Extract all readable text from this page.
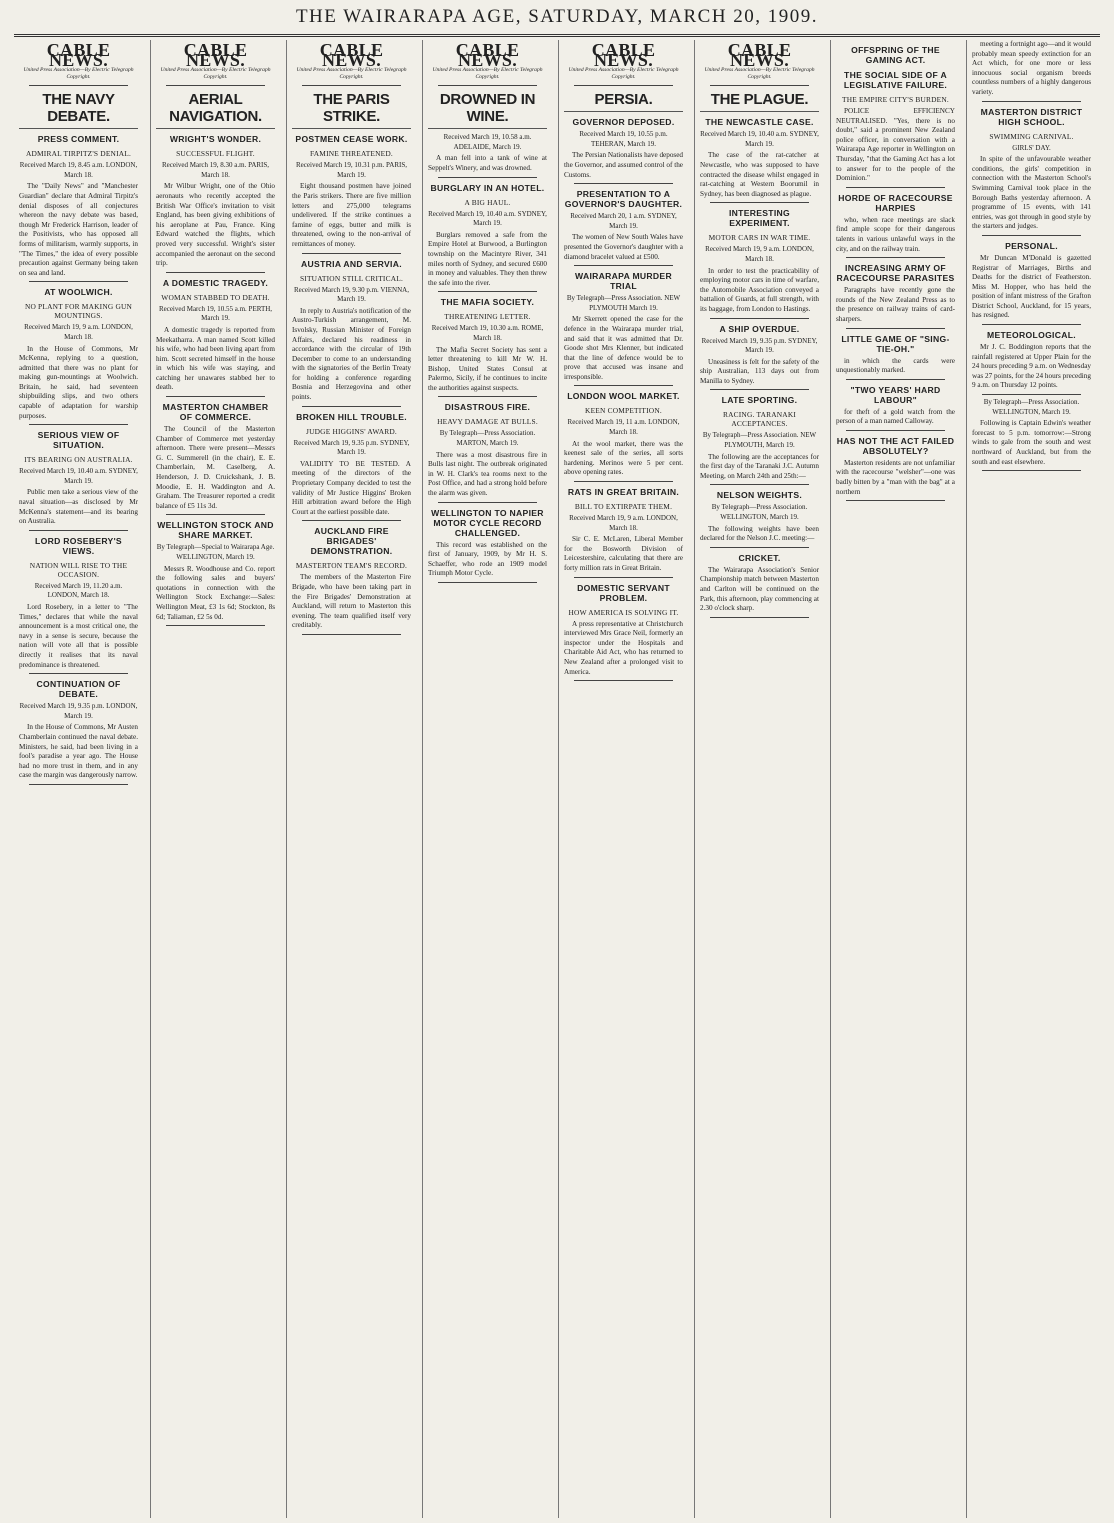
THE WAIRARAPA AGE, SATURDAY, MARCH 20, 1909.
CABLE NEWS.
United Press Association—By Electric Telegraph Copyright.
THE NAVY DEBATE.
PRESS COMMENT.
ADMIRAL TIRPITZ'S DENIAL.
Received March 19, 8.45 a.m. LONDON, March 18.

The "Daily News" and "Manchester Guardian" declare that Admiral Tirpitz's denial disposes of all conjectures whereon the navy debate was based, though Mr Frederick Harrison, leader of the Positivists, who has opposed all forms of militarism, warmly supports, in "The Times," the idea of every possible precaution against Germany being taken on sea and land.

AT WOOLWICH.
NO PLANT FOR MAKING GUN MOUNTINGS.
Received March 19, 9 a.m. LONDON, March 18.

In the House of Commons, Mr McKenna, replying to a question, admitted that there was no plant for making gun-mountings at Woolwich. Britain, he said, had seventeen shipbuilding slips, and two others capable of adaptation for warship purposes.

SERIOUS VIEW OF SITUATION.
ITS BEARING ON AUSTRALIA.
Received March 19, 10.40 a.m. SYDNEY, March 19.

Public men take a serious view of the naval situation—as disclosed by Mr McKenna's statement—and its bearing on Australia.

LORD ROSEBERY'S VIEWS.
NATION WILL RISE TO THE OCCASION.
Received March 19, 11.20 a.m. LONDON, March 18.

Lord Rosebery, in a letter to "The Times," declares that while the naval announcement is a most critical one, the navy in a sense is secure, because the nation will vote all that is possible directly it realises that its naval predominance is threatened.

CONTINUATION OF DEBATE.
Received March 19, 9.35 p.m. LONDON, March 19.

In the House of Commons, Mr Austen Chamberlain continued the naval debate. Ministers, he said, had been living in a fool's paradise a year ago. The House had no more trust in them, and in any case the margin was dangerously narrow.

CABLE NEWS.
United Press Association—By Electric Telegraph Copyright.
AERIAL NAVIGATION.
WRIGHT'S WONDER.
SUCCESSFUL FLIGHT.
Received March 19, 8.30 a.m. PARIS, March 18.

Mr Wilbur Wright, one of the Ohio aeronauts who recently accepted the British War Office's invitation to visit England, has been giving exhibitions of his aeroplane at Pau, France. King Edward watched the flights, which proved very successful. Wright's sister accompanied the aeronaut on the second trip.

A DOMESTIC TRAGEDY.
WOMAN STABBED TO DEATH.
Received March 19, 10.55 a.m. PERTH, March 19.

A domestic tragedy is reported from Meekatharra. A man named Scott killed his wife, who had been living apart from him. Scott secreted himself in the house in which his wife was staying, and catching her unawares stabbed her to death.

MASTERTON CHAMBER OF COMMERCE.

The Council of the Masterton Chamber of Commerce met yesterday afternoon. There were present—Messrs G. C. Summerell (in the chair), E. E. Chamberlain, M. Caselberg, A. Henderson, J. D. Cruickshank, J. B. Moodie, E. H. Waddington and A. Graham. The Treasurer reported a credit balance of £5 11s 3d.

WELLINGTON STOCK AND SHARE MARKET.
By Telegraph—Special to Wairarapa Age. WELLINGTON, March 19.

Messrs R. Woodhouse and Co. report the following sales and buyers' quotations in connection with the Wellington Stock Exchange:—Sales: Wellington Meat, £3 1s 6d; Stockton, 8s 6d; Taliaman, £2 5s 0d.

CABLE NEWS.
United Press Association—By Electric Telegraph Copyright.
THE PARIS STRIKE.
POSTMEN CEASE WORK.
FAMINE THREATENED.
Received March 19, 10.31 p.m. PARIS, March 19.

Eight thousand postmen have joined the Paris strikers. There are five million letters and 275,000 telegrams undelivered. If the strike continues a famine of eggs, butter and milk is threatened, owing to the non-arrival of remittances of money.

AUSTRIA AND SERVIA.
SITUATION STILL CRITICAL.
Received March 19, 9.30 p.m. VIENNA, March 19.

In reply to Austria's notification of the Austro-Turkish arrangement, M. Isvolsky, Russian Minister of Foreign Affairs, declared his readiness in accordance with the circular of 19th December to come to an understanding with the signatories of the Berlin Treaty for holding a conference regarding Bosnia and Herzegovina and other points.

BROKEN HILL TROUBLE.
JUDGE HIGGINS' AWARD.
Received March 19, 9.35 p.m. SYDNEY, March 19.

VALIDITY TO BE TESTED. A meeting of the directors of the Proprietary Company decided to test the validity of Mr Justice Higgins' Broken Hill arbitration award before the High Court at the earliest possible date.

AUCKLAND FIRE BRIGADES' DEMONSTRATION.
MASTERTON TEAM'S RECORD.

The members of the Masterton Fire Brigade, who have been taking part in the Fire Brigades' Demonstration at Auckland, will return to Masterton this evening. The team qualified itself very creditably.

CABLE NEWS.
United Press Association—By Electric Telegraph Copyright.
DROWNED IN WINE.
Received March 19, 10.58 a.m. ADELAIDE, March 19.

A man fell into a tank of wine at Seppelt's Winery, and was drowned.

BURGLARY IN AN HOTEL.
A BIG HAUL.
Received March 19, 10.40 a.m. SYDNEY, March 19.

Burglars removed a safe from the Empire Hotel at Burwood, a Burlington township on the Macintyre River, 341 miles north of Sydney, and secured £600 in money and valuables. They then threw the safe into the river.

THE MAFIA SOCIETY.
THREATENING LETTER.
Received March 19, 10.30 a.m. ROME, March 18.

The Mafia Secret Society has sent a letter threatening to kill Mr W. H. Bishop, United States Consul at Palermo, Sicily, if he continues to incite the authorities against suspects.

DISASTROUS FIRE.
HEAVY DAMAGE AT BULLS.
By Telegraph—Press Association. MARTON, March 19.

There was a most disastrous fire in Bulls last night. The outbreak originated in W. H. Clark's tea rooms next to the Post Office, and had a strong hold before the alarm was given.

WELLINGTON TO NAPIER MOTOR CYCLE RECORD CHALLENGED.

This record was established on the first of January, 1909, by Mr H. S. Schaeffer, who rode an 1909 model Triumph Motor Cycle.

CABLE NEWS.
United Press Association—By Electric Telegraph Copyright.
PERSIA.
GOVERNOR DEPOSED.
Received March 19, 10.55 p.m. TEHERAN, March 19.

The Persian Nationalists have deposed the Governor, and assumed control of the Customs.

PRESENTATION TO A GOVERNOR'S DAUGHTER.
Received March 20, 1 a.m. SYDNEY, March 19.

The women of New South Wales have presented the Governor's daughter with a diamond bracelet valued at £500.

WAIRARAPA MURDER TRIAL
By Telegraph—Press Association. NEW PLYMOUTH March 19.

Mr Skerrett opened the case for the defence in the Wairarapa murder trial, and said that it was admitted that Dr. Goode shot Mrs Klenner, but indicated that the line of defence would be to prove that accused was insane and irresponsible.

LONDON WOOL MARKET.
KEEN COMPETITION.
Received March 19, 11 a.m. LONDON, March 18.

At the wool market, there was the keenest sale of the series, all sorts hardening. Merinos were 5 per cent. above opening rates.

RATS IN GREAT BRITAIN.
BILL TO EXTIRPATE THEM.
Received March 19, 9 a.m. LONDON, March 18.

Sir C. E. McLaren, Liberal Member for the Bosworth Division of Leicestershire, calculating that there are forty million rats in Great Britain.

DOMESTIC SERVANT PROBLEM.
HOW AMERICA IS SOLVING IT.

A press representative at Christchurch interviewed Mrs Grace Neil, formerly an inspector under the Hospitals and Charitable Aid Act, who has returned to New Zealand after a prolonged visit to America.

CABLE NEWS.
United Press Association—By Electric Telegraph Copyright.
THE PLAGUE.
THE NEWCASTLE CASE.
Received March 19, 10.40 a.m. SYDNEY, March 19.

The case of the rat-catcher at Newcastle, who was supposed to have contracted the disease whilst engaged in rat-catching at Western Boorumil in Sydney, has been diagnosed as plague.

INTERESTING EXPERIMENT.
MOTOR CARS IN WAR TIME.
Received March 19, 9 a.m. LONDON, March 18.

In order to test the practicability of employing motor cars in time of warfare, the Automobile Association conveyed a battalion of Guards, at full strength, with its baggage, from London to Hastings.

A SHIP OVERDUE.
Received March 19, 9.35 p.m. SYDNEY, March 19.

Uneasiness is felt for the safety of the ship Australian, 113 days out from Manilla to Sydney.

LATE SPORTING.
RACING. TARANAKI ACCEPTANCES.
By Telegraph—Press Association. NEW PLYMOUTH, March 19.

The following are the acceptances for the first day of the Taranaki J.C. Autumn Meeting, on March 24th and 25th:—

NELSON WEIGHTS.
By Telegraph—Press Association. WELLINGTON, March 19.

The following weights have been declared for the Nelson J.C. meeting:—

CRICKET.

The Wairarapa Association's Senior Championship match between Masterton and Carlton will be continued on the Park, this afternoon, play commencing at 2.30 o'clock sharp.

OFFSPRING OF THE GAMING ACT.
THE SOCIAL SIDE OF A LEGISLATIVE FAILURE.
THE EMPIRE CITY'S BURDEN.

POLICE EFFICIENCY NEUTRALISED. "Yes, there is no doubt," said a prominent New Zealand police officer, in conversation with a Wairarapa Age reporter in Wellington on Thursday, "that the Gaming Act has a lot to answer for to the people of the Dominion."

HORDE OF RACECOURSE HARPIES

who, when race meetings are slack find ample scope for their dangerous talents in various unlawful ways in the city, and on the railway train.

INCREASING ARMY OF RACECOURSE PARASITES

Paragraphs have recently gone the rounds of the New Zealand Press as to the presence on railway trains of card-sharpers.

LITTLE GAME OF "SING-TIE-OH."

in which the cards were unquestionably marked.

"TWO YEARS' HARD LABOUR"

for theft of a gold watch from the person of a man named Calloway.

HAS NOT THE ACT FAILED ABSOLUTELY?

Masterton residents are not unfamiliar with the racecourse "welsher"—one was badly bitten by a "man with the bag" at a northern

meeting a fortnight ago—and it would probably mean speedy extinction for an Act which, for one more or less innocuous social organism breeds countless numbers of a highly dangerous variety.

MASTERTON DISTRICT HIGH SCHOOL.
SWIMMING CARNIVAL.
GIRLS' DAY.

In spite of the unfavourable weather conditions, the girls' competition in connection with the Masterton School's Swimming Carnival took place in the Borough Baths yesterday afternoon. A programme of 15 events, with 141 entries, was got through in good style by the starters and judges.

PERSONAL.

Mr Duncan M'Donald is gazetted Registrar of Marriages, Births and Deaths for the district of Featherston. Miss M. Hopper, who has held the position of infant mistress of the Grafton District School, Auckland, for 15 years, has resigned.

METEOROLOGICAL.

Mr J. C. Boddington reports that the rainfall registered at Upper Plain for the 24 hours preceding 9 a.m. on Wednesday was 27 points, for the 24 hours preceding 9 a.m. on Thursday 12 points.

By Telegraph—Press Association. WELLINGTON, March 19.

Following is Captain Edwin's weather forecast to 5 p.m. tomorrow:—Strong winds to gale from the south and west northward of Auckland, but from the south and east elsewhere.
